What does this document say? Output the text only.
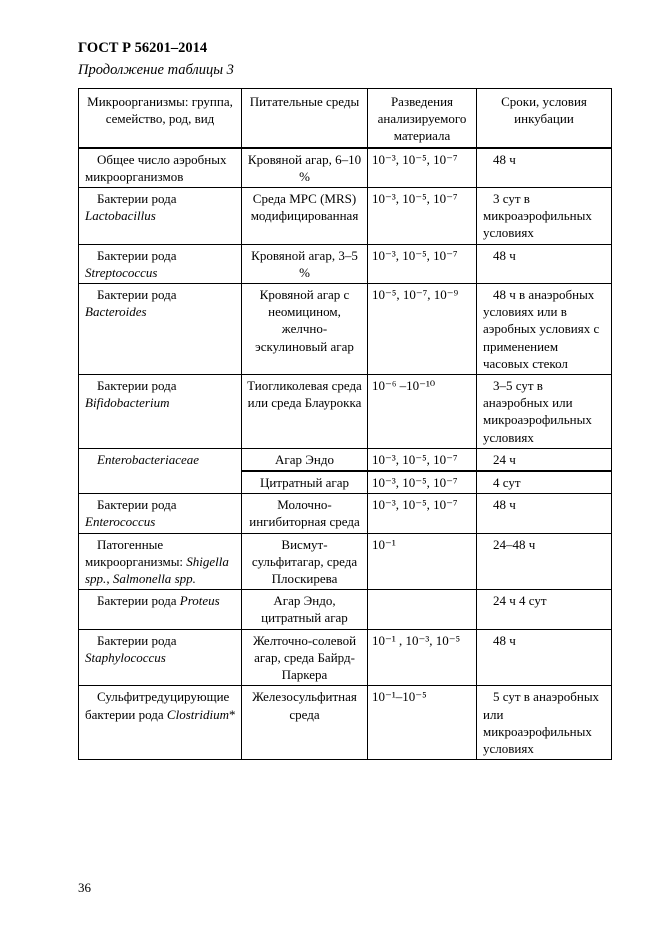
ГОСТ Р 56201–2014
Продолжение таблицы 3
Микроорганизмы: группа, семейство, род, вид	Питательные среды	Разведения анализируемого материала	Сроки, условия инкубации
Общее число аэробных микроорганизмов	Кровяной агар, 6–10 %	10⁻³, 10⁻⁵, 10⁻⁷	48 ч
Бактерии рода Lactobacillus	Среда МРС (MRS) модифицированная	10⁻³, 10⁻⁵, 10⁻⁷	3 сут в микроаэрофильных условиях
Бактерии рода Streptococcus	Кровяной агар, 3–5 %	10⁻³, 10⁻⁵, 10⁻⁷	48 ч
Бактерии рода Bacteroides	Кровяной агар с неомицином, желчно-эскулиновый агар	10⁻⁵, 10⁻⁷, 10⁻⁹	48 ч в анаэробных условиях или в аэробных условиях с применением часовых стекол
Бактерии рода Bifidobacterium	Тиогликолевая среда или среда Блаурокка	10⁻⁶ –10⁻¹⁰	3–5 сут в анаэробных или микроаэрофильных условиях
Enterobacteriaceae	Агар Эндо	10⁻³, 10⁻⁵, 10⁻⁷	24 ч
	Цитратный агар	10⁻³, 10⁻⁵, 10⁻⁷	4 сут
Бактерии рода Enterococcus	Молочно-ингибиторная среда	10⁻³, 10⁻⁵, 10⁻⁷	48 ч
Патогенные микроорганизмы: Shigella spp., Salmonella spp.	Висмут-сульфитагар, среда Плоскирева	10⁻¹	24–48 ч
Бактерии рода Proteus	Агар Эндо, цитратный агар		24 ч 4 сут
Бактерии рода Staphylococcus	Желточно-солевой агар, среда Байрд-Паркера	10⁻¹ , 10⁻³, 10⁻⁵	48 ч
Сульфитредуцирующие бактерии рода Clostridium*	Железосульфитная среда	10⁻¹–10⁻⁵	5 сут в анаэробных или микроаэрофильных условиях
36
